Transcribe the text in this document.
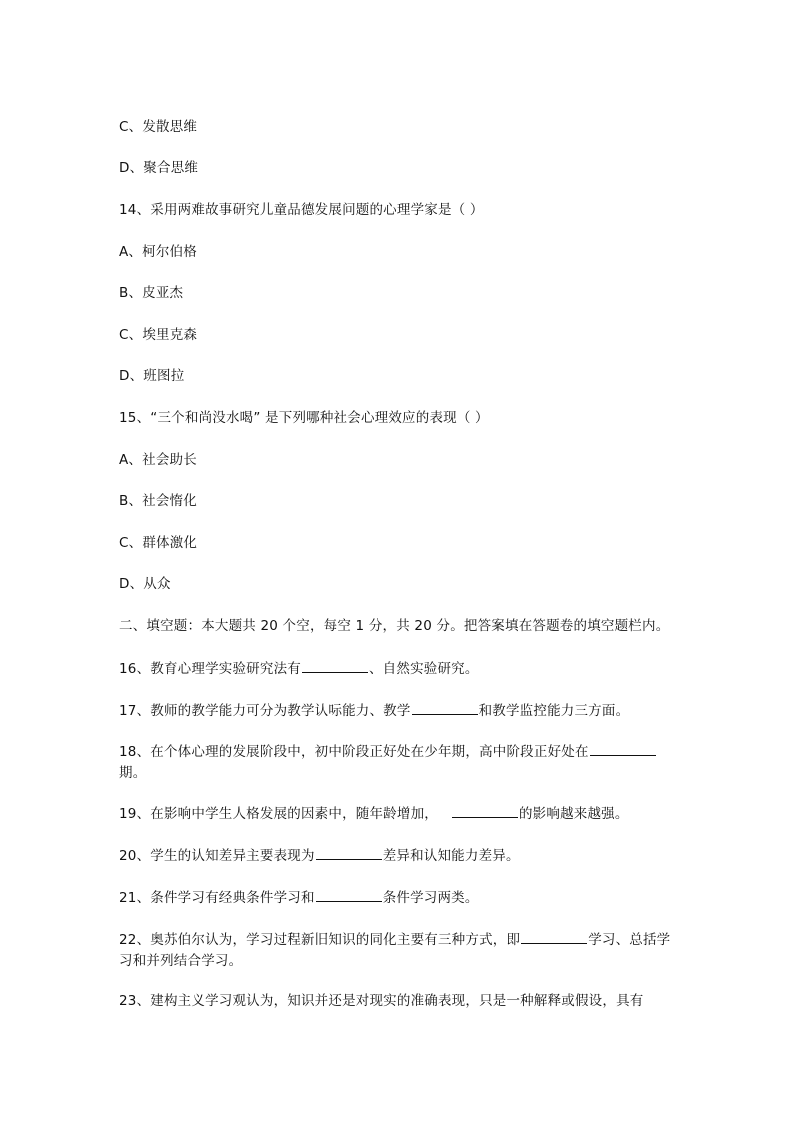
C、发散思维
D、聚合思维
14、采用两难故事研究儿童品德发展问题的心理学家是（ ）
A、柯尔伯格
B、皮亚杰
C、埃里克森
D、班图拉
15、“三个和尚没水喝” 是下列哪种社会心理效应的表现（ ）
A、社会助长
B、社会惰化
C、群体激化
D、从众
二、填空题：本大题共 20 个空，每空 1 分，共 20 分。把答案填在答题卷的填空题栏内。
16、教育心理学实验研究法有	、自然实验研究。
17、教师的教学能力可分为教学认呩能力、教学	和教学监控能力三方面。
18、在个体心理的发展阶段中，初中阶段正好处在少年期，高中阶段正好处在期。
19、在影响中学生人格发展的因素中，随年龄增加，	的影响越来越强。
20、学生的认知差异主要表现为	差异和认知能力差异。
21、条件学习有经典条件学习和	条件学习两类。
22、奥苏伯尔认为，学习过程新旧知识的同化主要有三种方式，即	学习、总括学习和并列结合学习。
23、建构主义学习观认为，知识并还是对现实的准确表现，只是一种解释或假设，具有
